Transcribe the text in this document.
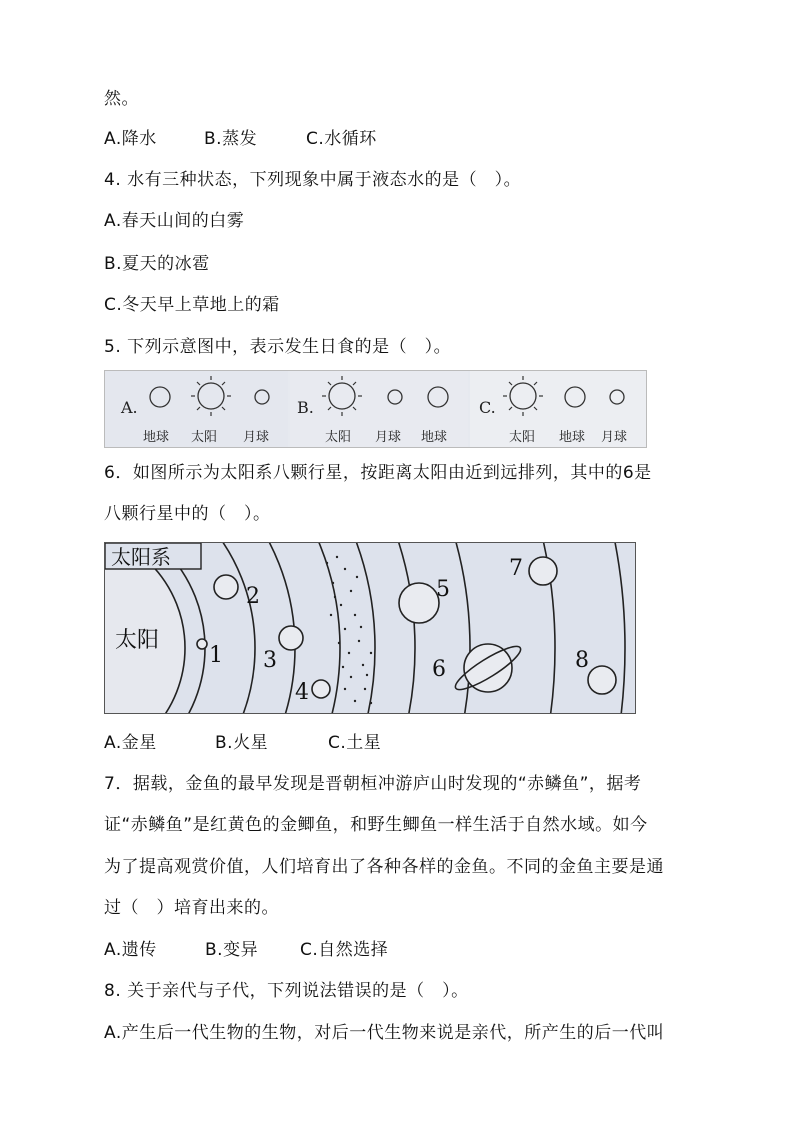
然。
A.降水	B.蒸发	C.水循环
4. 水有三种状态，下列现象中属于液态水的是（　）。
A.春天山间的白雾
B.夏天的冰雹
C.冬天早上草地上的霜
5. 下列示意图中，表示发生日食的是（　）。
A.
地球 太阳 月球
B.
太阳 月球 地球
C.
太阳 地球 月球
6．如图所示为太阳系八颗行星，按距离太阳由近到远排列，其中的6是
八颗行星中的（　）。
太阳系
太阳
1
2
3
4
5
6
7
8
A.金星	B.火星	C.土星
7．据载，金鱼的最早发现是晋朝桓冲游庐山时发现的“赤鳞鱼”，据考
证“赤鳞鱼”是红黄色的金鲫鱼，和野生鲫鱼一样生活于自然水域。如今
为了提高观赏价值，人们培育出了各种各样的金鱼。不同的金鱼主要是通
过（　）培育出来的。
A.遗传	B.变异 C.自然选择
8. 关于亲代与子代，下列说法错误的是（　）。
A.产生后一代生物的生物，对后一代生物来说是亲代，所产生的后一代叫
